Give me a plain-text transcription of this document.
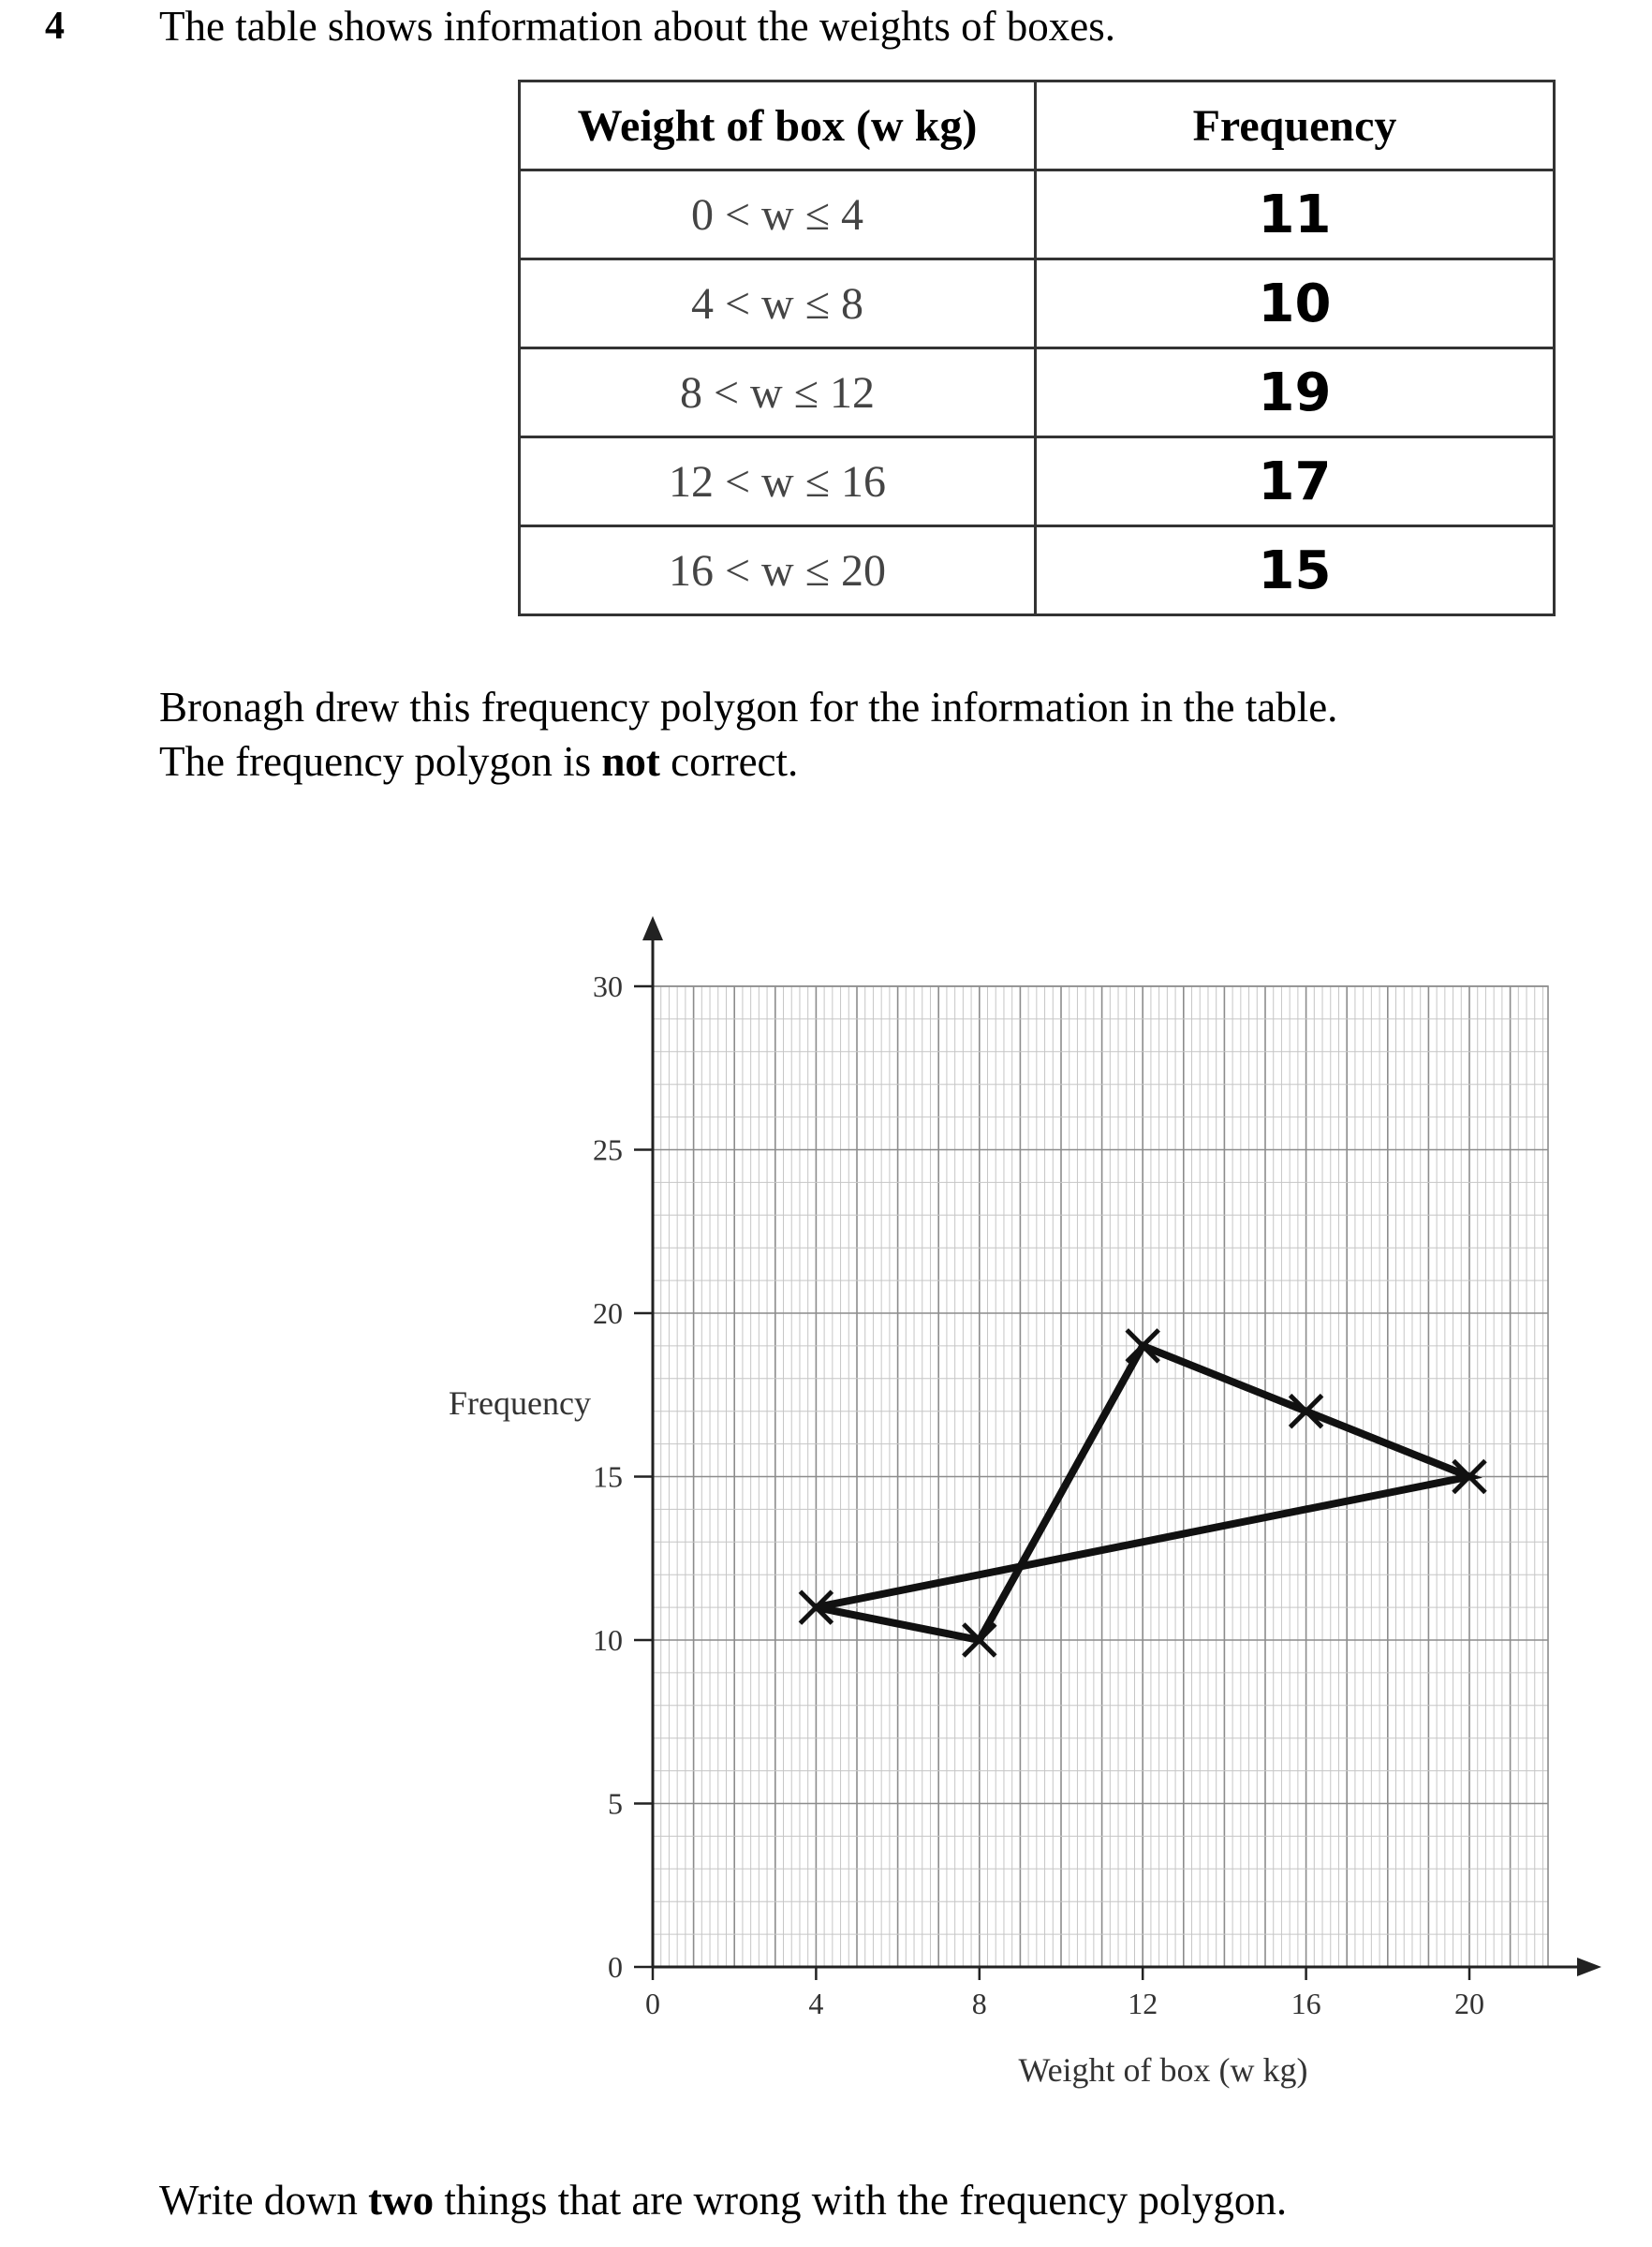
4 The table shows information about the weights of boxes.
Weight of box (w kg)	Frequency
0 < w ≤ 4	11
4 < w ≤ 8	10
8 < w ≤ 12	19
12 < w ≤ 16	17
16 < w ≤ 20	15
Bronagh drew this frequency polygon for the information in the table.
The frequency polygon is not correct.
0
5
10
15
20
25
30
0	4	8	12	16	20
Weight of box (w kg)
Frequency
Write down two things that are wrong with the frequency polygon.
